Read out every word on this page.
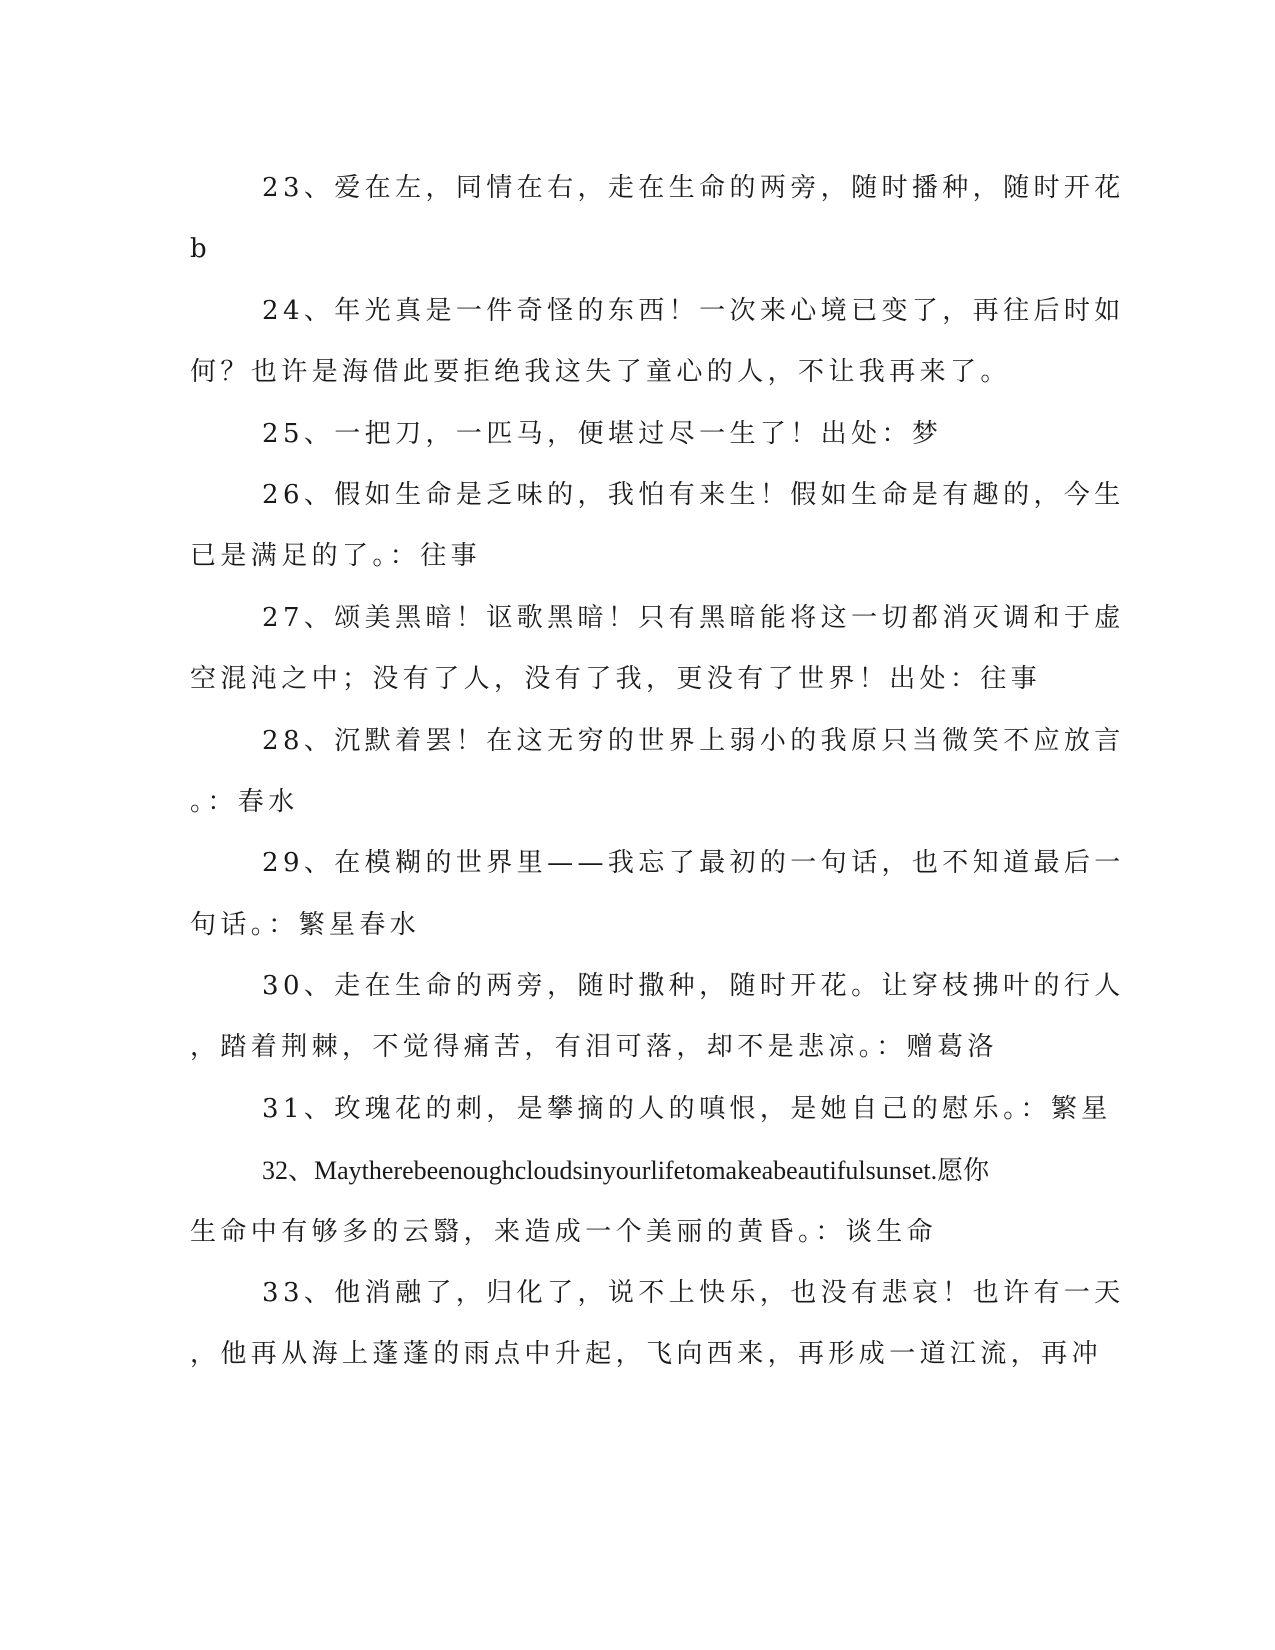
23、爱在左，同情在右，走在生命的两旁，随时播种，随时开花
b
24、年光真是一件奇怪的东西！一次来心境已变了，再往后时如
何？也许是海借此要拒绝我这失了童心的人，不让我再来了。
25、一把刀，一匹马，便堪过尽一生了！出处：梦
26、假如生命是乏味的，我怕有来生！假如生命是有趣的，今生
已是满足的了。：往事
27、颂美黑暗！讴歌黑暗！只有黑暗能将这一切都消灭调和于虚
空混沌之中；没有了人，没有了我，更没有了世界！出处：往事
28、沉默着罢！在这无穷的世界上弱小的我原只当微笑不应放言
。：春水
29、在模糊的世界里——我忘了最初的一句话，也不知道最后一
句话。：繁星春水
30、走在生命的两旁，随时撒种，随时开花。让穿枝拂叶的行人
，踏着荆棘，不觉得痛苦，有泪可落，却不是悲凉。：赠葛洛
31、玫瑰花的刺，是攀摘的人的嗔恨，是她自己的慰乐。：繁星
32、Maytherebeenoughcloudsinyourlifetomakeabeautifulsunset.愿你
生命中有够多的云翳，来造成一个美丽的黄昏。：谈生命
33、他消融了，归化了，说不上快乐，也没有悲哀！也许有一天
，他再从海上蓬蓬的雨点中升起，飞向西来，再形成一道江流，再冲
